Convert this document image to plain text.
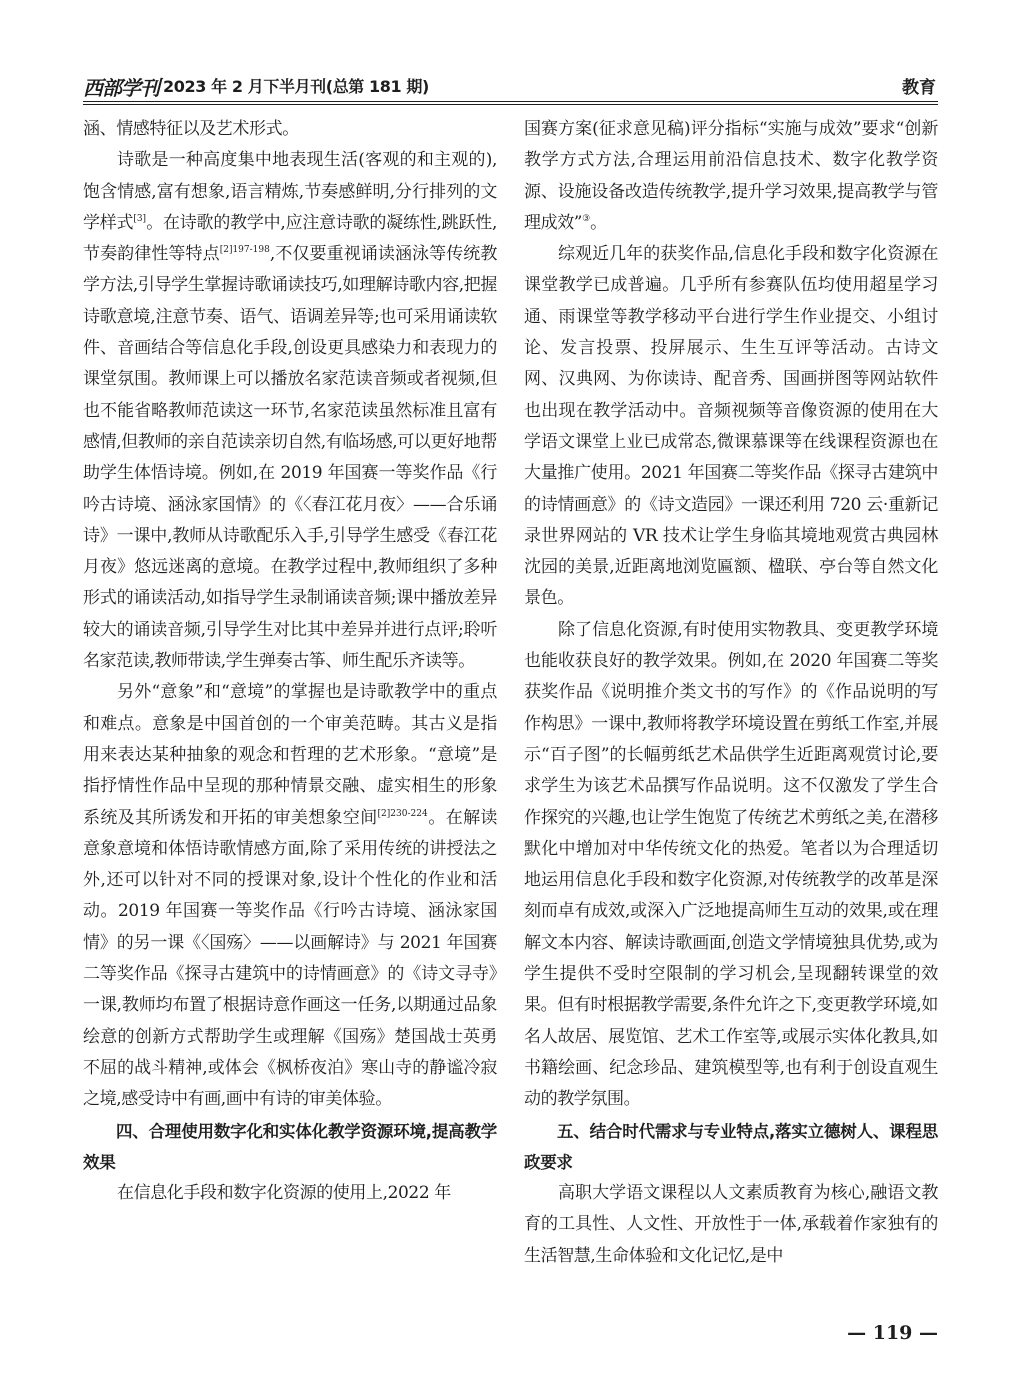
西部学刊 2023 年 2 月下半月刊(总第 181 期)	教育

涵、情感特征以及艺术形式。

诗歌是一种高度集中地表现生活(客观的和主观的),饱含情感,富有想象,语言精炼,节奏感鲜明,分行排列的文学样式[3]。在诗歌的教学中,应注意诗歌的凝练性,跳跃性,节奏韵律性等特点$^{[2]197-198}$,不仅要重视诵读涵泳等传统教学方法,引导学生掌握诗歌诵读技巧,如理解诗歌内容,把握诗歌意境,注意节奏、语气、语调差异等;也可采用诵读软件、音画结合等信息化手段,创设更具感染力和表现力的课堂氛围。教师课上可以播放名家范读音频或者视频,但也不能省略教师范读这一环节,名家范读虽然标准且富有感情,但教师的亲自范读亲切自然,有临场感,可以更好地帮助学生体悟诗境。例如,在 2019 年国赛一等奖作品《行吟古诗境、涵泳家国情》的《〈春江花月夜〉——合乐诵诗》一课中,教师从诗歌配乐入手,引导学生感受《春江花月夜》悠远迷离的意境。在教学过程中,教师组织了多种形式的诵读活动,如指导学生录制诵读音频;课中播放差异较大的诵读音频,引导学生对比其中差异并进行点评;聆听名家范读,教师带读,学生弹奏古筝、师生配乐齐读等。

另外“意象”和“意境”的掌握也是诗歌教学中的重点和难点。意象是中国首创的一个审美范畴。其古义是指用来表达某种抽象的观念和哲理的艺术形象。“意境”是指抒情性作品中呈现的那种情景交融、虚实相生的形象系统及其所诱发和开拓的审美想象空间$^{[2]230-224}$。在解读意象意境和体悟诗歌情感方面,除了采用传统的讲授法之外,还可以针对不同的授课对象,设计个性化的作业和活动。2019 年国赛一等奖作品《行吟古诗境、涵泳家国情》的另一课《〈国殇〉——以画解诗》与 2021 年国赛二等奖作品《探寻古建筑中的诗情画意》的《诗文寻寺》一课,教师均布置了根据诗意作画这一任务,以期通过品象绘意的创新方式帮助学生或理解《国殇》楚国战士英勇不屈的战斗精神,或体会《枫桥夜泊》寒山寺的静谧冷寂之境,感受诗中有画,画中有诗的审美体验。

四、合理使用数字化和实体化教学资源环境,提高教学效果

在信息化手段和数字化资源的使用上,2022 年

国赛方案(征求意见稿)评分指标“实施与成效”要求“创新教学方式方法,合理运用前沿信息技术、数字化教学资源、设施设备改造传统教学,提升学习效果,提高教学与管理成效”③。

综观近几年的获奖作品,信息化手段和数字化资源在课堂教学已成普遍。几乎所有参赛队伍均使用超星学习通、雨课堂等教学移动平台进行学生作业提交、小组讨论、发言投票、投屏展示、生生互评等活动。古诗文网、汉典网、为你读诗、配音秀、国画拼图等网站软件也出现在教学活动中。音频视频等音像资源的使用在大学语文课堂上业已成常态,微课慕课等在线课程资源也在大量推广使用。2021 年国赛二等奖作品《探寻古建筑中的诗情画意》的《诗文造园》一课还利用 720 云·重新记录世界网站的 VR 技术让学生身临其境地观赏古典园林沈园的美景,近距离地浏览匾额、楹联、亭台等自然文化景色。

除了信息化资源,有时使用实物教具、变更教学环境也能收获良好的教学效果。例如,在 2020 年国赛二等奖获奖作品《说明推介类文书的写作》的《作品说明的写作构思》一课中,教师将教学环境设置在剪纸工作室,并展示“百子图”的长幅剪纸艺术品供学生近距离观赏讨论,要求学生为该艺术品撰写作品说明。这不仅激发了学生合作探究的兴趣,也让学生饱览了传统艺术剪纸之美,在潜移默化中增加对中华传统文化的热爱。笔者以为合理适切地运用信息化手段和数字化资源,对传统教学的改革是深刻而卓有成效,或深入广泛地提高师生互动的效果,或在理解文本内容、解读诗歌画面,创造文学情境独具优势,或为学生提供不受时空限制的学习机会,呈现翻转课堂的效果。但有时根据教学需要,条件允许之下,变更教学环境,如名人故居、展览馆、艺术工作室等,或展示实体化教具,如书籍绘画、纪念珍品、建筑模型等,也有利于创设直观生动的教学氛围。

五、结合时代需求与专业特点,落实立德树人、课程思政要求

高职大学语文课程以人文素质教育为核心,融语文教育的工具性、人文性、开放性于一体,承载着作家独有的生活智慧,生命体验和文化记忆,是中

— 119 —
